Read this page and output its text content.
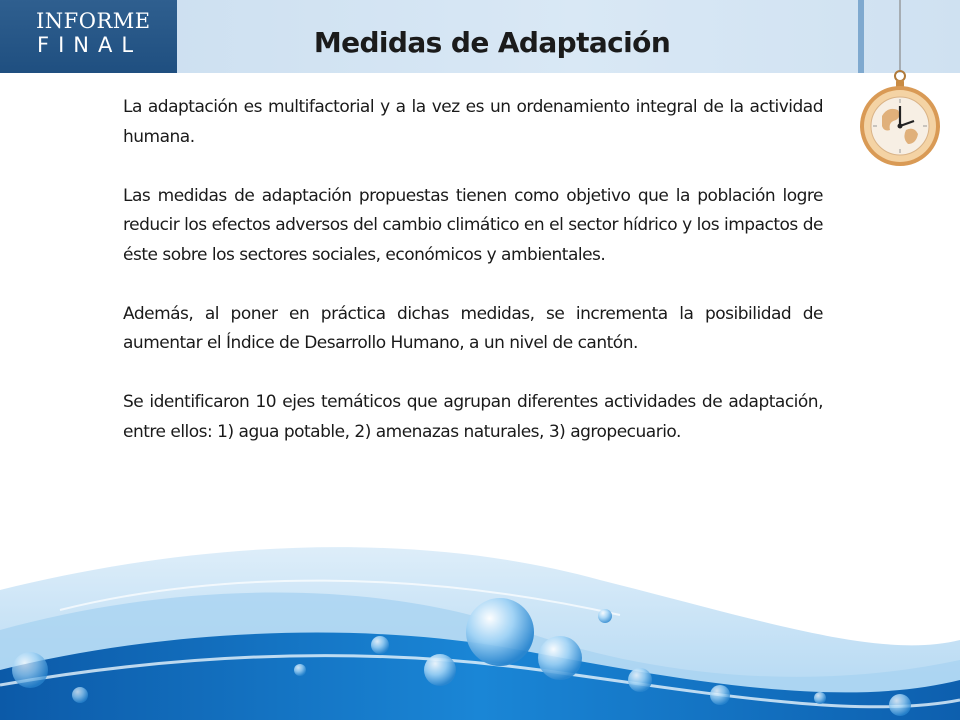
INFORME
FINAL	Medidas de Adaptación

La adaptación es multifactorial y a la vez es un ordenamiento integral de la actividad humana.

Las medidas de adaptación propuestas tienen como objetivo que la población logre reducir los efectos adversos del cambio climático en el sector hídrico y los impactos de éste sobre los sectores sociales, económicos y ambientales.

Además, al poner en práctica dichas medidas, se incrementa la posibilidad de aumentar el Índice de Desarrollo Humano, a un nivel de cantón.

Se identificaron 10 ejes temáticos que agrupan diferentes actividades de adaptación, entre ellos: 1) agua potable, 2) amenazas naturales, 3) agropecuario.
